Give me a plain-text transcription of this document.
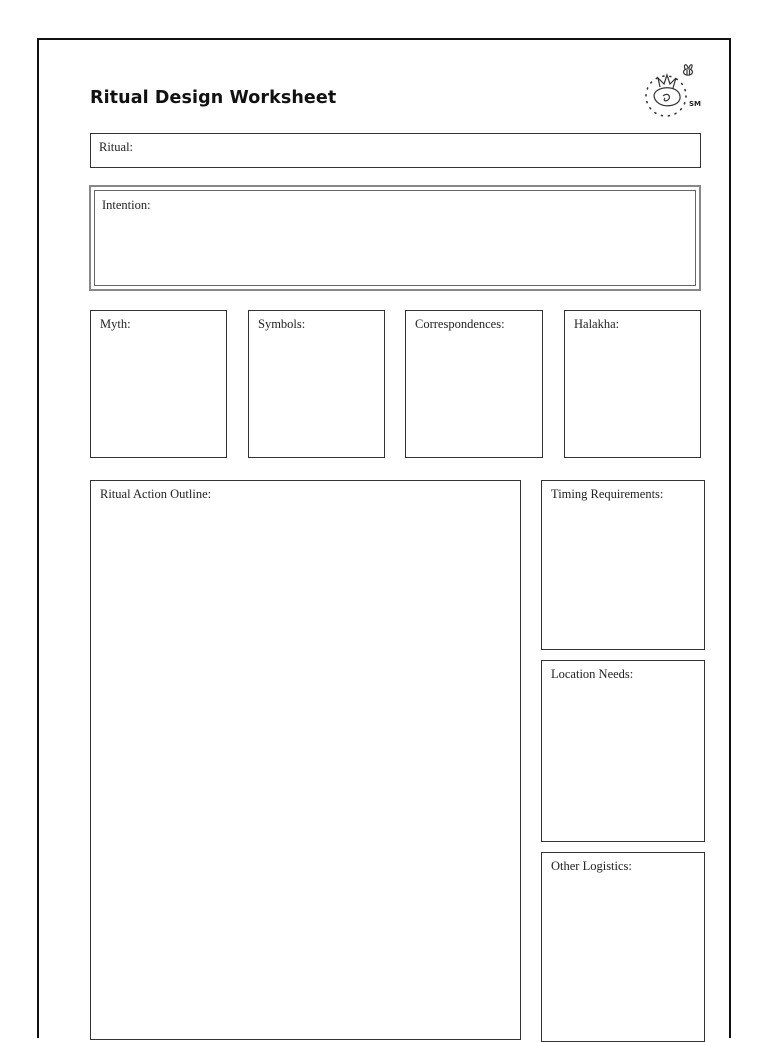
Ritual Design Worksheet	SM
Ritual:
Intention:
Myth:	Symbols:	Correspondences:	Halakha:
Ritual Action Outline:	Timing Requirements:
Location Needs:
Other Logistics:
